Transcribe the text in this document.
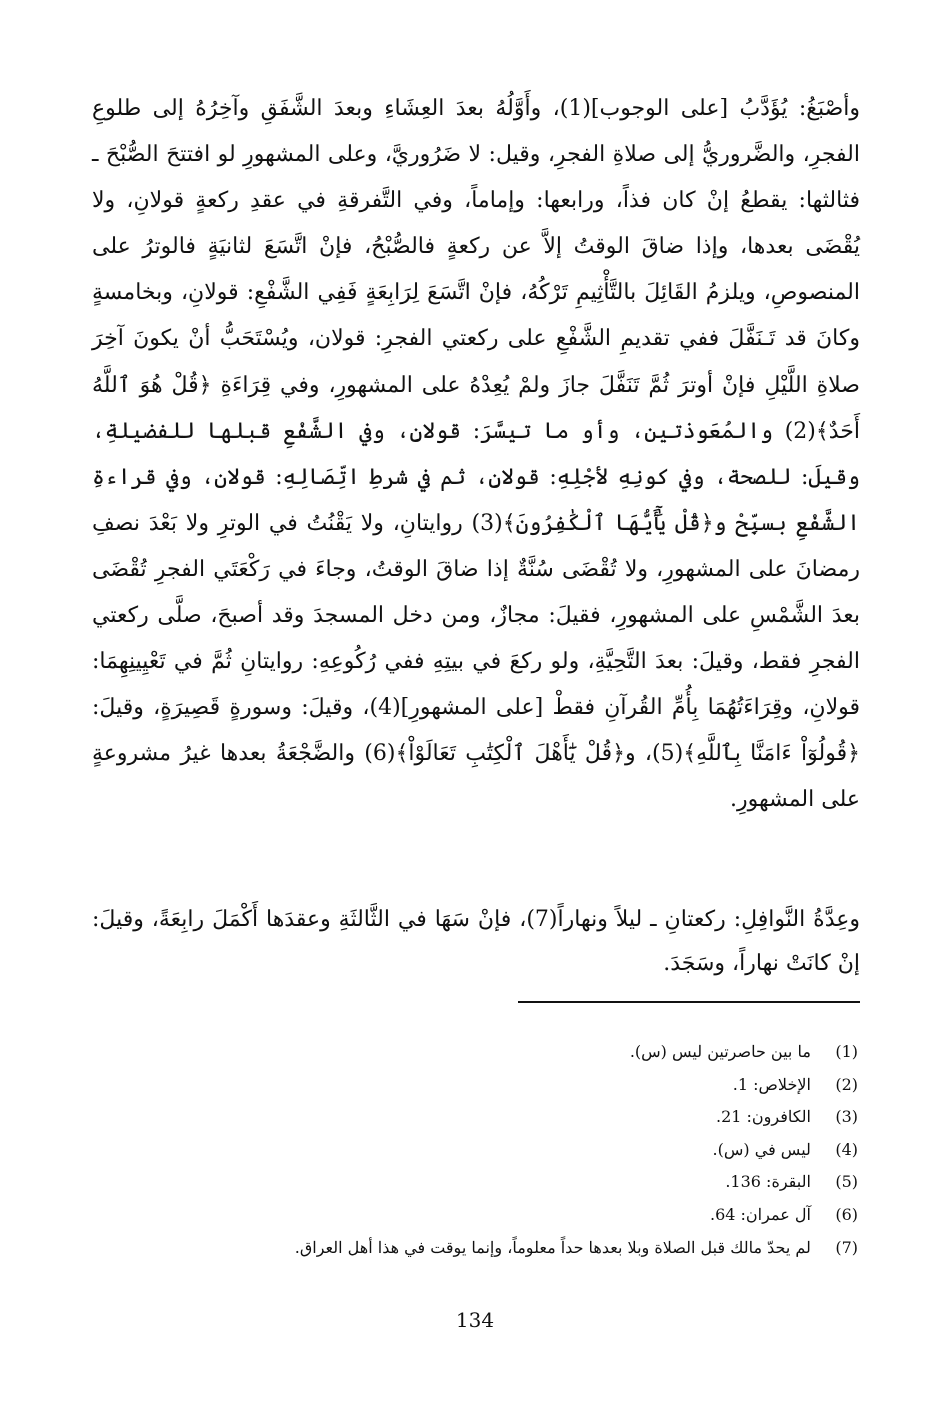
وأصْبَغُ: يُؤَدَّبُ [على الوجوب](1)، وأَوَّلُهُ بعدَ العِشَاءِ وبعدَ الشَّفَقِ وآخِرُهُ إلى طلوعِ الفجرِ، والضَّروريُّ إلى صلاةِ الفجرِ، وقيل: لا ضَرُوريَّ، وعلى المشهورِ لو افتتحَ الصُّبْحَ ـ فثالثها: يقطعُ إنْ كان فذاً، ورابعها: وإماماً، وفي التَّفرقةِ في عقدِ ركعةٍ قولانِ، ولا يُقْضَى بعدها، وإذا ضاقَ الوقتُ إلاَّ عن ركعةٍ فالصُّبْحُ، فإنْ اتَّسَعَ لثانيَةٍ فالوترُ على المنصوصِ، ويلزمُ القَائِلَ بالتَّأْثِيمِ تَرْكُهُ، فإنْ اتَّسَعَ لِرَابِعَةٍ فَفِي الشَّفْعِ: قولانِ، وبخامسةٍ وكانَ قد تَـنَفَّلَ ففي تقديمِ الشَّفْعِ على ركعتي الفجرِ: قولان، ويُسْتَحَبُّ أنْ يكونَ آخِرَ صلاةِ اللَّيْلِ فإنْ أوترَ ثُمَّ تَنَفَّلَ جازَ ولمْ يُعِدْهُ على المشهورِ، وفي قِرَاءَةِ ﴿قُلْ هُوَ ٱللَّهُ أَحَدٌ﴾(2) والمُعَوذتين، وأو ما تيسَّرَ: قولانِ، وفي الشَّفْعِ قبلها للفضيلةِ، وقيلَ: للصحة، وفي كونِهِ لأجْلِهِ: قولانِ، ثم في شرطِ اتِّصَالِهِ: قولان، وفي قراءةِ الشَّفْعِ بسبِّحْ و﴿قُلْ يَٰٓأَيُّهَا ٱلْكَٰفِرُونَ﴾(3) روايتانِ، ولا يَقْنُتُ في الوترِ ولا بَعْدَ نصفِ رمضانَ على المشهورِ، ولا تُقْضَى سُنَّةٌ إذا ضاقَ الوقتُ، وجاءَ في رَكْعَتَي الفجرِ تُقْضَى بعدَ الشَّمْسِ على المشهورِ، فقيلَ: مجازٌ، ومن دخل المسجدَ وقد أصبحَ، صلَّى ركعتي الفجرِ فقط، وقيلَ: بعدَ التَّحِيَّةِ، ولو ركعَ في بيتِهِ ففي رُكُوعِهِ: روايتانِ ثُمَّ في تَعْيِينِهِمَا: قولانِ، وقِرَاءَتُهُمَا بِأُمِّ القُرآنِ فقطْ [على المشهورِ](4)، وقيلَ: وسورةٍ قَصِيرَةٍ، وقيلَ: ﴿قُولُوٓاْ ءَامَنَّا بِٱللَّهِ﴾(5)، و﴿قُلْ يَٰٓأَهْلَ ٱلْكِتَٰبِ تَعَالَوْاْ﴾(6) والضَّجْعَةُ بعدها غيرُ مشروعةٍ على المشهورِ.
وعِدَّةُ النَّوافِلِ: ركعتانِ ـ ليلاً ونهاراً(7)، فإنْ سَهَا في الثَّالثَةِ وعقدَها أَكْمَلَ رابِعَةً، وقيلَ: إنْ كانَتْ نهاراً، وسَجَدَ.
(1) ما بين حاصرتين ليس (س).
(2) الإخلاص: 1.
(3) الكافرون: 21.
(4) ليس في (س).
(5) البقرة: 136.
(6) آل عمران: 64.
(7) لم يحدّ مالك قبل الصلاة وبلا بعدها حداً معلوماً، وإنما يوقت في هذا أهل العراق.
134
